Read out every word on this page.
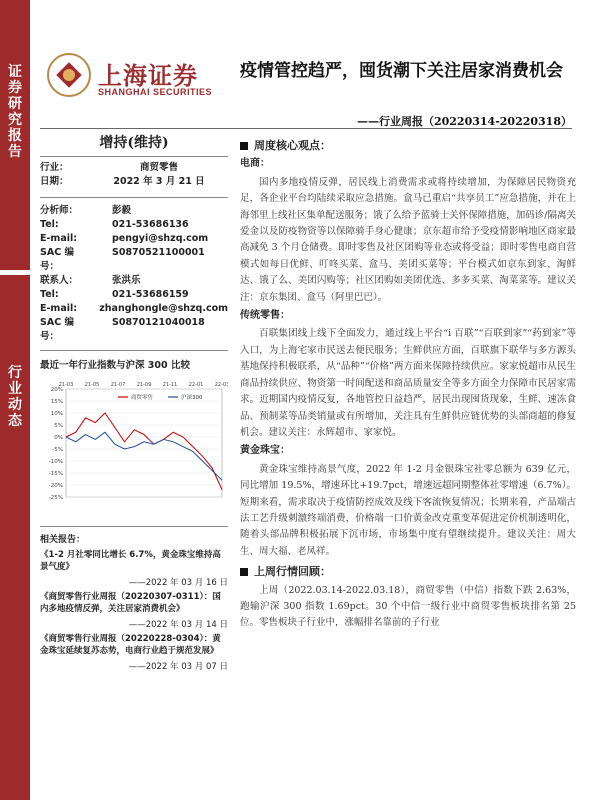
证券研究报告
行业动态
上海证券
SHANGHAI SECURITIES
疫情管控趋严，囤货潮下关注居家消费机会
——行业周报（20220314-20220318）
增持(维持)
行业：	商贸零售
日期：	2022 年 3 月 21 日
分析师：	彭毅
Tel:	021-53686136
E-mail:	pengyi@shzq.com
SAC 编号：
S0870521100001
联系人：	张洪乐
Tel:	021-53686159
E-mail:	zhanghongle@shzq.com
SAC 编号：
S0870121040018
最近一年行业指数与沪深 300 比较
20%
15%
10%
5%
0%
-5%
-10%
-15%
-20%
-25%
21-03 21-05 21-07 21-09 21-11 22-01 22-03
商贸零售	沪深300
相关报告：
《1-2 月社零同比增长 6.7%，黄金珠宝维持高景气度》
——2022 年 03 月 16 日
《商贸零售行业周报（20220307-0311）：国内多地疫情反弹，关注居家消费机会》
——2022 年 03 月 14 日
《商贸零售行业周报（20220228-0304）：黄金珠宝延续复苏态势，电商行业趋于规范发展》
——2022 年 03 月 07 日
周度核心观点：
电商：

国内多地疫情反弹，居民线上消费需求或将持续增加，为保障居民物资充足，各企业平台均陆续采取应急措施。盒马已重启“共享员工”应急措施，并在上海邻里上线社区集单配送服务；饿了么给予蓝骑士关怀保障措施，加码诊/隔离关爱金以及防疫物资等以保障骑手身心健康；京东超市给予受疫情影响地区商家最高减免 3 个月仓储费。即时零售及社区团购等业态或将受益；即时零售电商自营模式如每日优鲜、叮咚买菜、盒马、美团买菜等；平台模式如京东到家、淘鲜达、饿了么、美团闪购等；社区团购如美团优选、多多买菜、淘菜菜等。建议关注：京东集团、盒马（阿里巴巴）。

传统零售：

百联集团线上线下全面发力，通过线上平台“i 百联”“百联到家”“药到家”等入口，为上海宅家市民送去便民服务；生鲜供应方面，百联旗下联华与多方源头基地保持积极联系，从“品种”“价格”两方面来保障持续供应。家家悦超市从民生商品持续供应、物资第一时间配送和商品质量安全等多方面全力保障市民居家需求。近期国内疫情反复，各地管控日益趋严，居民出现囤货现象，生鲜、速冻食品、预制菜等品类销量或有所增加，关注具有生鲜供应链优势的头部商超的修复机会。建议关注：永辉超市、家家悦。

黄金珠宝：

黄金珠宝维持高景气度，2022 年 1-2 月金银珠宝社零总额为 639 亿元，同比增加 19.5%，增速环比+19.7pct，增速远超同期整体社零增速（6.7%）。短期来看，需求取决于疫情防控成效及线下客流恢复情况；长期来看，产品端古法工艺升级刺激终端消费，价格端一口价黄金改克重变革促进定价机制透明化，随着头部品牌积极拓展下沉市场，市场集中度有望继续提升。建议关注：周大生、周大福、老凤祥。

上周行情回顾：

上周（2022.03.14-2022.03.18），商贸零售（中信）指数下跌 2.63%，跑输沪深 300 指数 1.69pct。30 个中信一级行业中商贸零售板块排名第 25 位。零售板块子行业中，涨幅排名靠前的子行业
